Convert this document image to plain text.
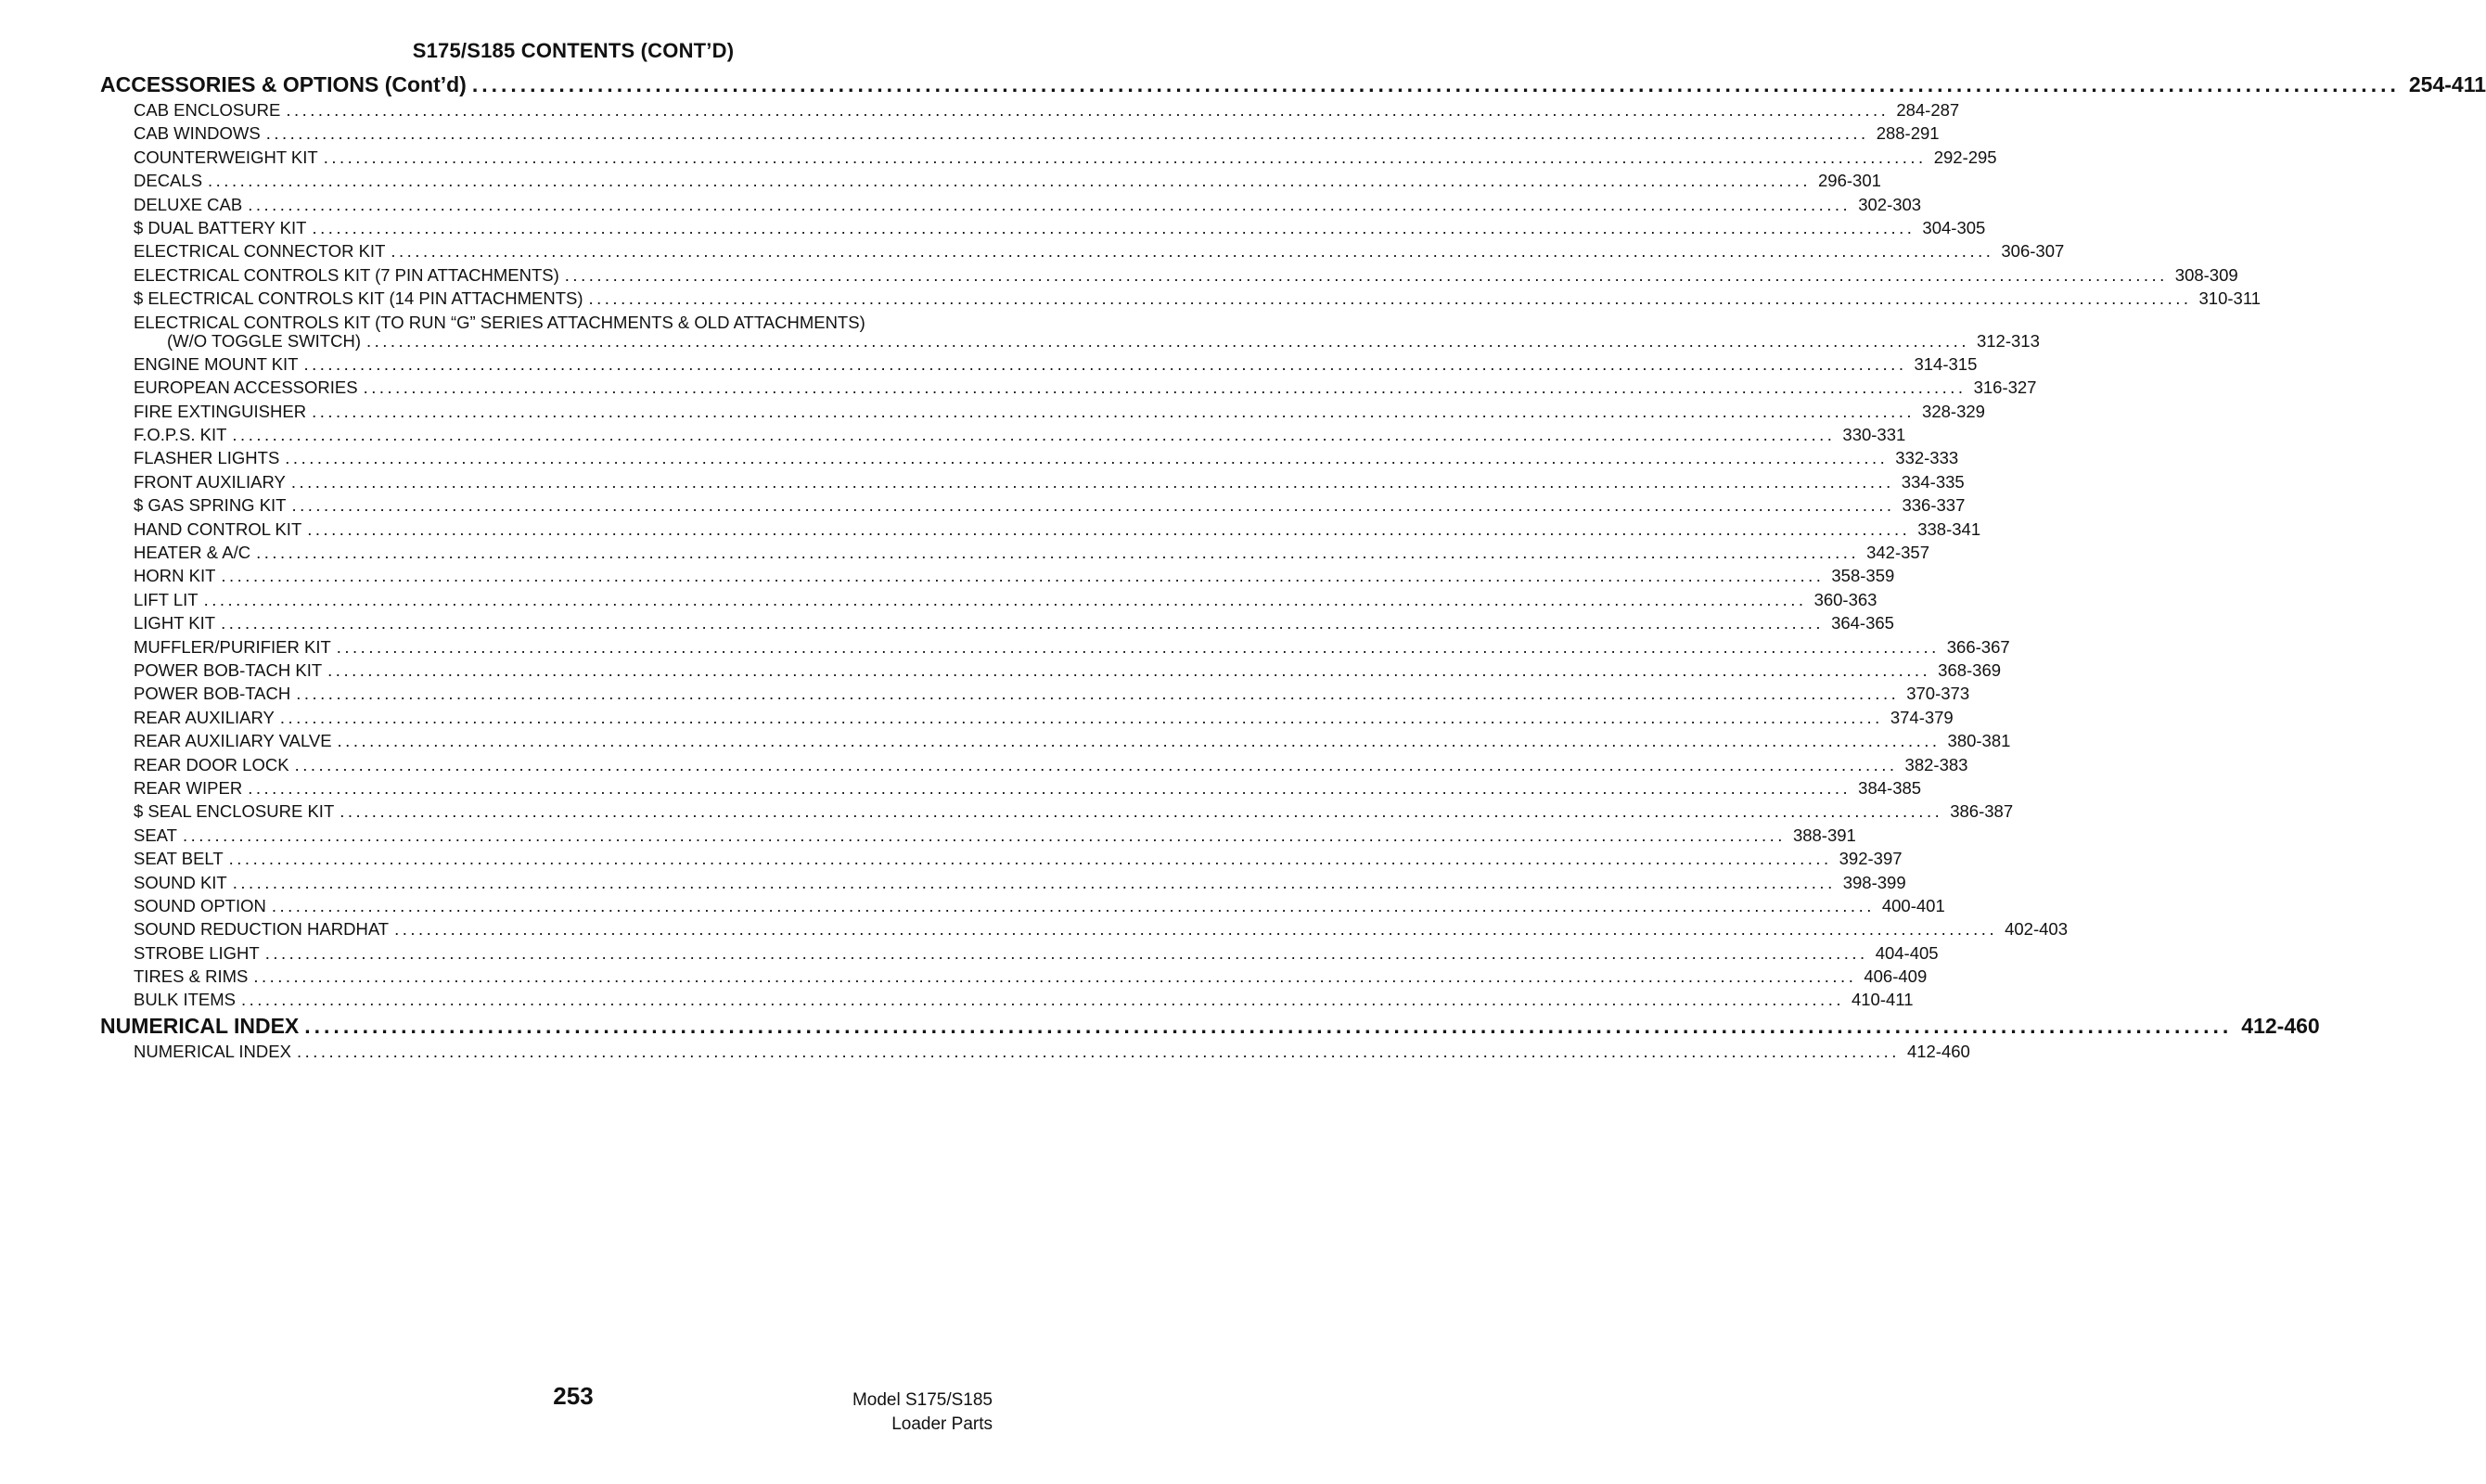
S175/S185 CONTENTS (CONT’D)
ACCESSORIES & OPTIONS (Cont’d) ........................................................................................................................................................................................................ 254-411
CAB ENCLOSURE ........................................................................................................................................................................................................ 284-287
CAB WINDOWS ........................................................................................................................................................................................................ 288-291
COUNTERWEIGHT KIT ........................................................................................................................................................................................................ 292-295
DECALS ........................................................................................................................................................................................................ 296-301
DELUXE CAB ........................................................................................................................................................................................................ 302-303
$ DUAL BATTERY KIT ........................................................................................................................................................................................................ 304-305
ELECTRICAL CONNECTOR KIT ........................................................................................................................................................................................................ 306-307
ELECTRICAL CONTROLS KIT (7 PIN ATTACHMENTS) ........................................................................................................................................................................................................ 308-309
$ ELECTRICAL CONTROLS KIT (14 PIN ATTACHMENTS) ........................................................................................................................................................................................................ 310-311
ELECTRICAL CONTROLS KIT (TO RUN “G” SERIES ATTACHMENTS & OLD ATTACHMENTS)
(W/O TOGGLE SWITCH) ........................................................................................................................................................................................................ 312-313
ENGINE MOUNT KIT ........................................................................................................................................................................................................ 314-315
EUROPEAN ACCESSORIES ........................................................................................................................................................................................................ 316-327
FIRE EXTINGUISHER ........................................................................................................................................................................................................ 328-329
F.O.P.S. KIT ........................................................................................................................................................................................................ 330-331
FLASHER LIGHTS ........................................................................................................................................................................................................ 332-333
FRONT AUXILIARY ........................................................................................................................................................................................................ 334-335
$ GAS SPRING KIT ........................................................................................................................................................................................................ 336-337
HAND CONTROL KIT ........................................................................................................................................................................................................ 338-341
HEATER & A/C ........................................................................................................................................................................................................ 342-357
HORN KIT ........................................................................................................................................................................................................ 358-359
LIFT LIT ........................................................................................................................................................................................................ 360-363
LIGHT KIT ........................................................................................................................................................................................................ 364-365
MUFFLER/PURIFIER KIT ........................................................................................................................................................................................................ 366-367
POWER BOB-TACH KIT ........................................................................................................................................................................................................ 368-369
POWER BOB-TACH ........................................................................................................................................................................................................ 370-373
REAR AUXILIARY ........................................................................................................................................................................................................ 374-379
REAR AUXILIARY VALVE ........................................................................................................................................................................................................ 380-381
REAR DOOR LOCK ........................................................................................................................................................................................................ 382-383
REAR WIPER ........................................................................................................................................................................................................ 384-385
$ SEAL ENCLOSURE KIT ........................................................................................................................................................................................................ 386-387
SEAT ........................................................................................................................................................................................................ 388-391
SEAT BELT ........................................................................................................................................................................................................ 392-397
SOUND KIT ........................................................................................................................................................................................................ 398-399
SOUND OPTION ........................................................................................................................................................................................................ 400-401
SOUND REDUCTION HARDHAT ........................................................................................................................................................................................................ 402-403
STROBE LIGHT ........................................................................................................................................................................................................ 404-405
TIRES & RIMS ........................................................................................................................................................................................................ 406-409
BULK ITEMS ........................................................................................................................................................................................................ 410-411
NUMERICAL INDEX ........................................................................................................................................................................................................ 412-460
NUMERICAL INDEX ........................................................................................................................................................................................................ 412-460
253	Model S175/S185
Loader Parts
